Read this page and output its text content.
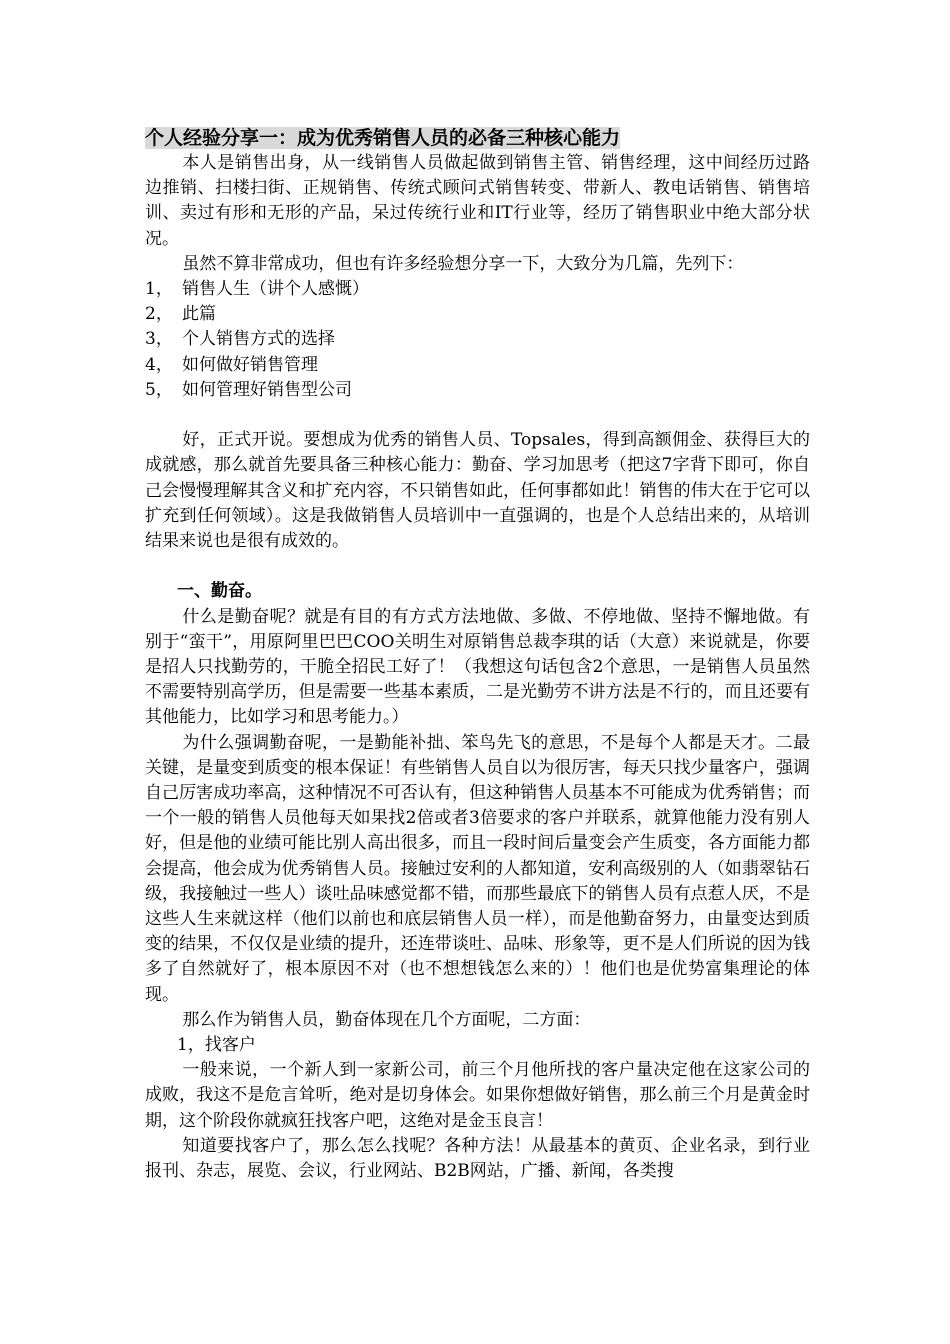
个人经验分享一：成为优秀销售人员的必备三种核心能力

本人是销售出身，从一线销售人员做起做到销售主管、销售经理，这中间经历过路边推销、扫楼扫街、正规销售、传统式顾问式销售转变、带新人、教电话销售、销售培训、卖过有形和无形的产品，呆过传统行业和IT行业等，经历了销售职业中绝大部分状况。

虽然不算非常成功，但也有许多经验想分享一下，大致分为几篇，先列下：

1， 销售人生（讲个人感慨）
2， 此篇
3， 个人销售方式的选择
4， 如何做好销售管理
5， 如何管理好销售型公司

好，正式开说。要想成为优秀的销售人员、Topsales，得到高额佣金、获得巨大的成就感，那么就首先要具备三种核心能力：勤奋、学习加思考（把这7字背下即可，你自己会慢慢理解其含义和扩充内容，不只销售如此，任何事都如此！销售的伟大在于它可以扩充到任何领域）。这是我做销售人员培训中一直强调的，也是个人总结出来的，从培训结果来说也是很有成效的。

一、勤奋。

什么是勤奋呢？就是有目的有方式方法地做、多做、不停地做、坚持不懈地做。有别于“蛮干”，用原阿里巴巴COO关明生对原销售总裁李琪的话（大意）来说就是，你要是招人只找勤劳的，干脆全招民工好了！（我想这句话包含2个意思，一是销售人员虽然不需要特别高学历，但是需要一些基本素质，二是光勤劳不讲方法是不行的，而且还要有其他能力，比如学习和思考能力。）

为什么强调勤奋呢，一是勤能补拙、笨鸟先飞的意思，不是每个人都是天才。二最关键，是量变到质变的根本保证！有些销售人员自以为很厉害，每天只找少量客户，强调自己厉害成功率高，这种情况不可否认有，但这种销售人员基本不可能成为优秀销售；而一个一般的销售人员他每天如果找2倍或者3倍要求的客户并联系，就算他能力没有别人好，但是他的业绩可能比别人高出很多，而且一段时间后量变会产生质变，各方面能力都会提高，他会成为优秀销售人员。接触过安利的人都知道，安利高级别的人（如翡翠钻石级，我接触过一些人）谈吐品味感觉都不错，而那些最底下的销售人员有点惹人厌，不是这些人生来就这样（他们以前也和底层销售人员一样），而是他勤奋努力，由量变达到质变的结果，不仅仅是业绩的提升，还连带谈吐、品味、形象等，更不是人们所说的因为钱多了自然就好了，根本原因不对（也不想想钱怎么来的）！他们也是优势富集理论的体现。

那么作为销售人员，勤奋体现在几个方面呢，二方面：

1，找客户

一般来说，一个新人到一家新公司，前三个月他所找的客户量决定他在这家公司的成败，我这不是危言耸听，绝对是切身体会。如果你想做好销售，那么前三个月是黄金时期，这个阶段你就疯狂找客户吧，这绝对是金玉良言！

知道要找客户了，那么怎么找呢？各种方法！从最基本的黄页、企业名录，到行业报刊、杂志，展览、会议，行业网站、B2B网站，广播、新闻，各类搜
